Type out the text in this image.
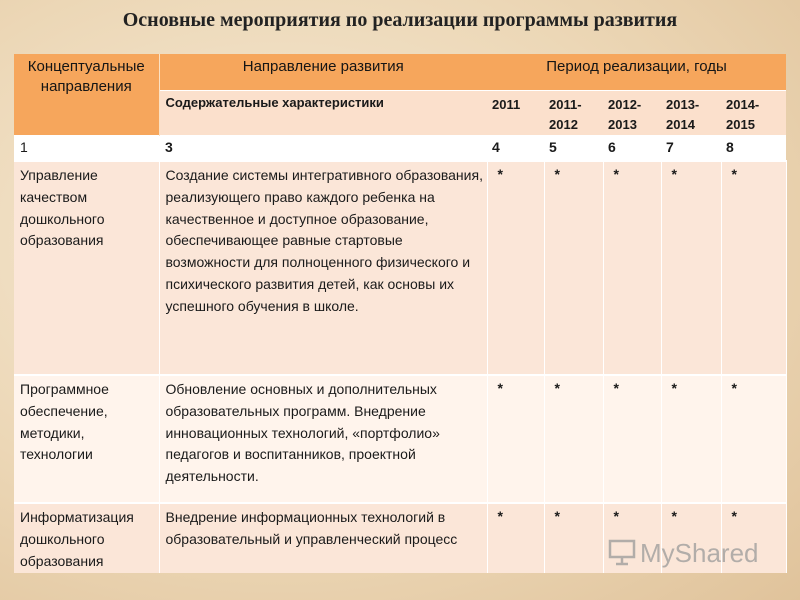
Основные мероприятия по реализации программы развития
Концептуальные направления	Направление развития	Период реализации, годы				
	Содержательные характеристики	2011	2011-2012	2012-2013	2013-2014	2014-2015
1	3	4	5	6	7	8
Управление качеством дошкольного образования	Создание системы интегративного образования, реализующего право каждого ребенка на качественное и доступное образование, обеспечивающее равные стартовые возможности для полноценного физического и психического развития детей, как основы их успешного обучения в школе.	*	*	*	*	*
Программное обеспечение, методики, технологии	Обновление основных и дополнительных образовательных программ. Внедрение инновационных технологий, «портфолио» педагогов и воспитанников, проектной деятельности.	*	*	*	*	*
Информатизация дошкольного образования	Внедрение информационных технологий в образовательный и управленческий процесс	*	*	*	*	*
MyShared
